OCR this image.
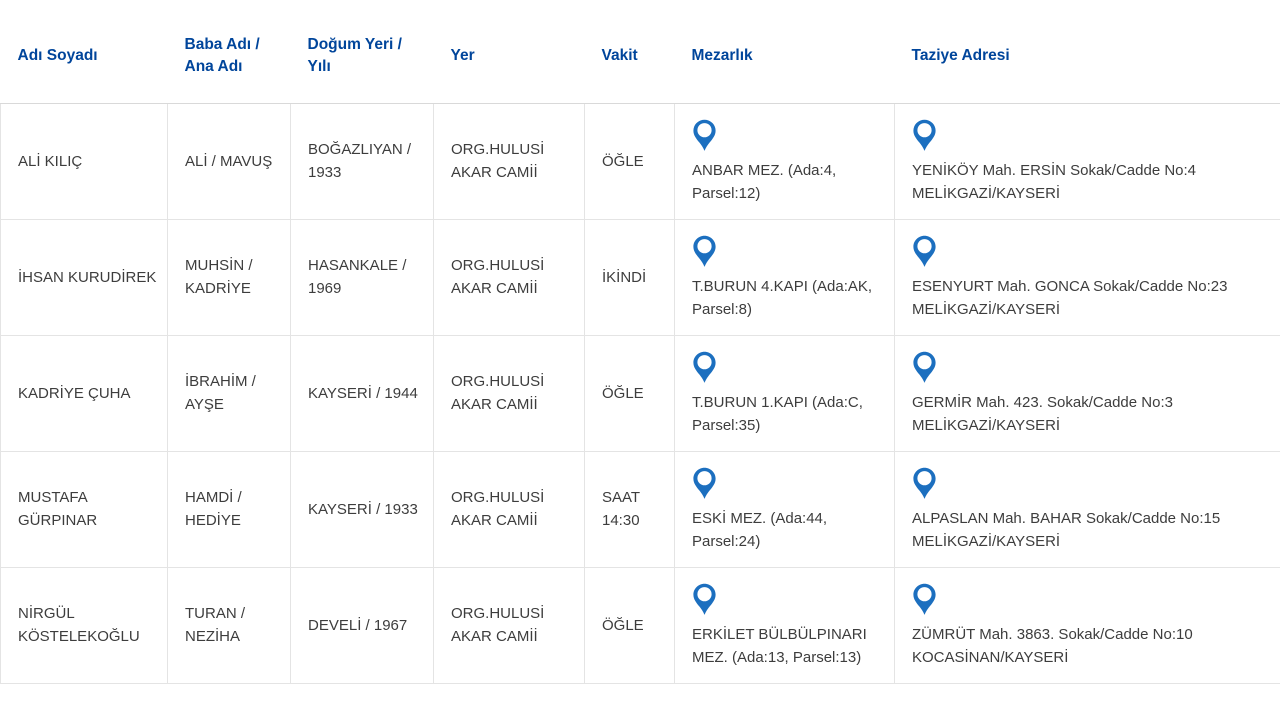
Adı Soyadı	Baba Adı / Ana Adı	Doğum Yeri / Yılı	Yer	Vakit	Mezarlık	Taziye Adresi

ALİ KILIÇ	ALİ / MAVUŞ	BOĞAZLIYAN / 1933	ORG.HULUSİ AKAR CAMİİ	ÖĞLE	ANBAR MEZ. (Ada:4, Parsel:12)	YENİKÖY Mah. ERSİN Sokak/Cadde No:4 MELİKGAZİ/KAYSERİ

İHSAN KURUDİREK	MUHSİN / KADRİYE	HASANKALE / 1969	ORG.HULUSİ AKAR CAMİİ	İKİNDİ	T.BURUN 4.KAPI (Ada:AK, Parsel:8)	ESENYURT Mah. GONCA Sokak/Cadde No:23 MELİKGAZİ/KAYSERİ

KADRİYE ÇUHA	İBRAHİM / AYŞE	KAYSERİ / 1944	ORG.HULUSİ AKAR CAMİİ	ÖĞLE	T.BURUN 1.KAPI (Ada:C, Parsel:35)	GERMİR Mah. 423. Sokak/Cadde No:3 MELİKGAZİ/KAYSERİ

MUSTAFA GÜRPINAR	HAMDİ / HEDİYE	KAYSERİ / 1933	ORG.HULUSİ AKAR CAMİİ	SAAT 14:30	ESKİ MEZ. (Ada:44, Parsel:24)	ALPASLAN Mah. BAHAR Sokak/Cadde No:15 MELİKGAZİ/KAYSERİ

NİRGÜL KÖSTELEKOĞLU	TURAN / NEZİHA	DEVELİ / 1967	ORG.HULUSİ AKAR CAMİİ	ÖĞLE	ERKİLET BÜLBÜLPINARI MEZ. (Ada:13, Parsel:13)	ZÜMRÜT Mah. 3863. Sokak/Cadde No:10 KOCASİNAN/KAYSERİ
